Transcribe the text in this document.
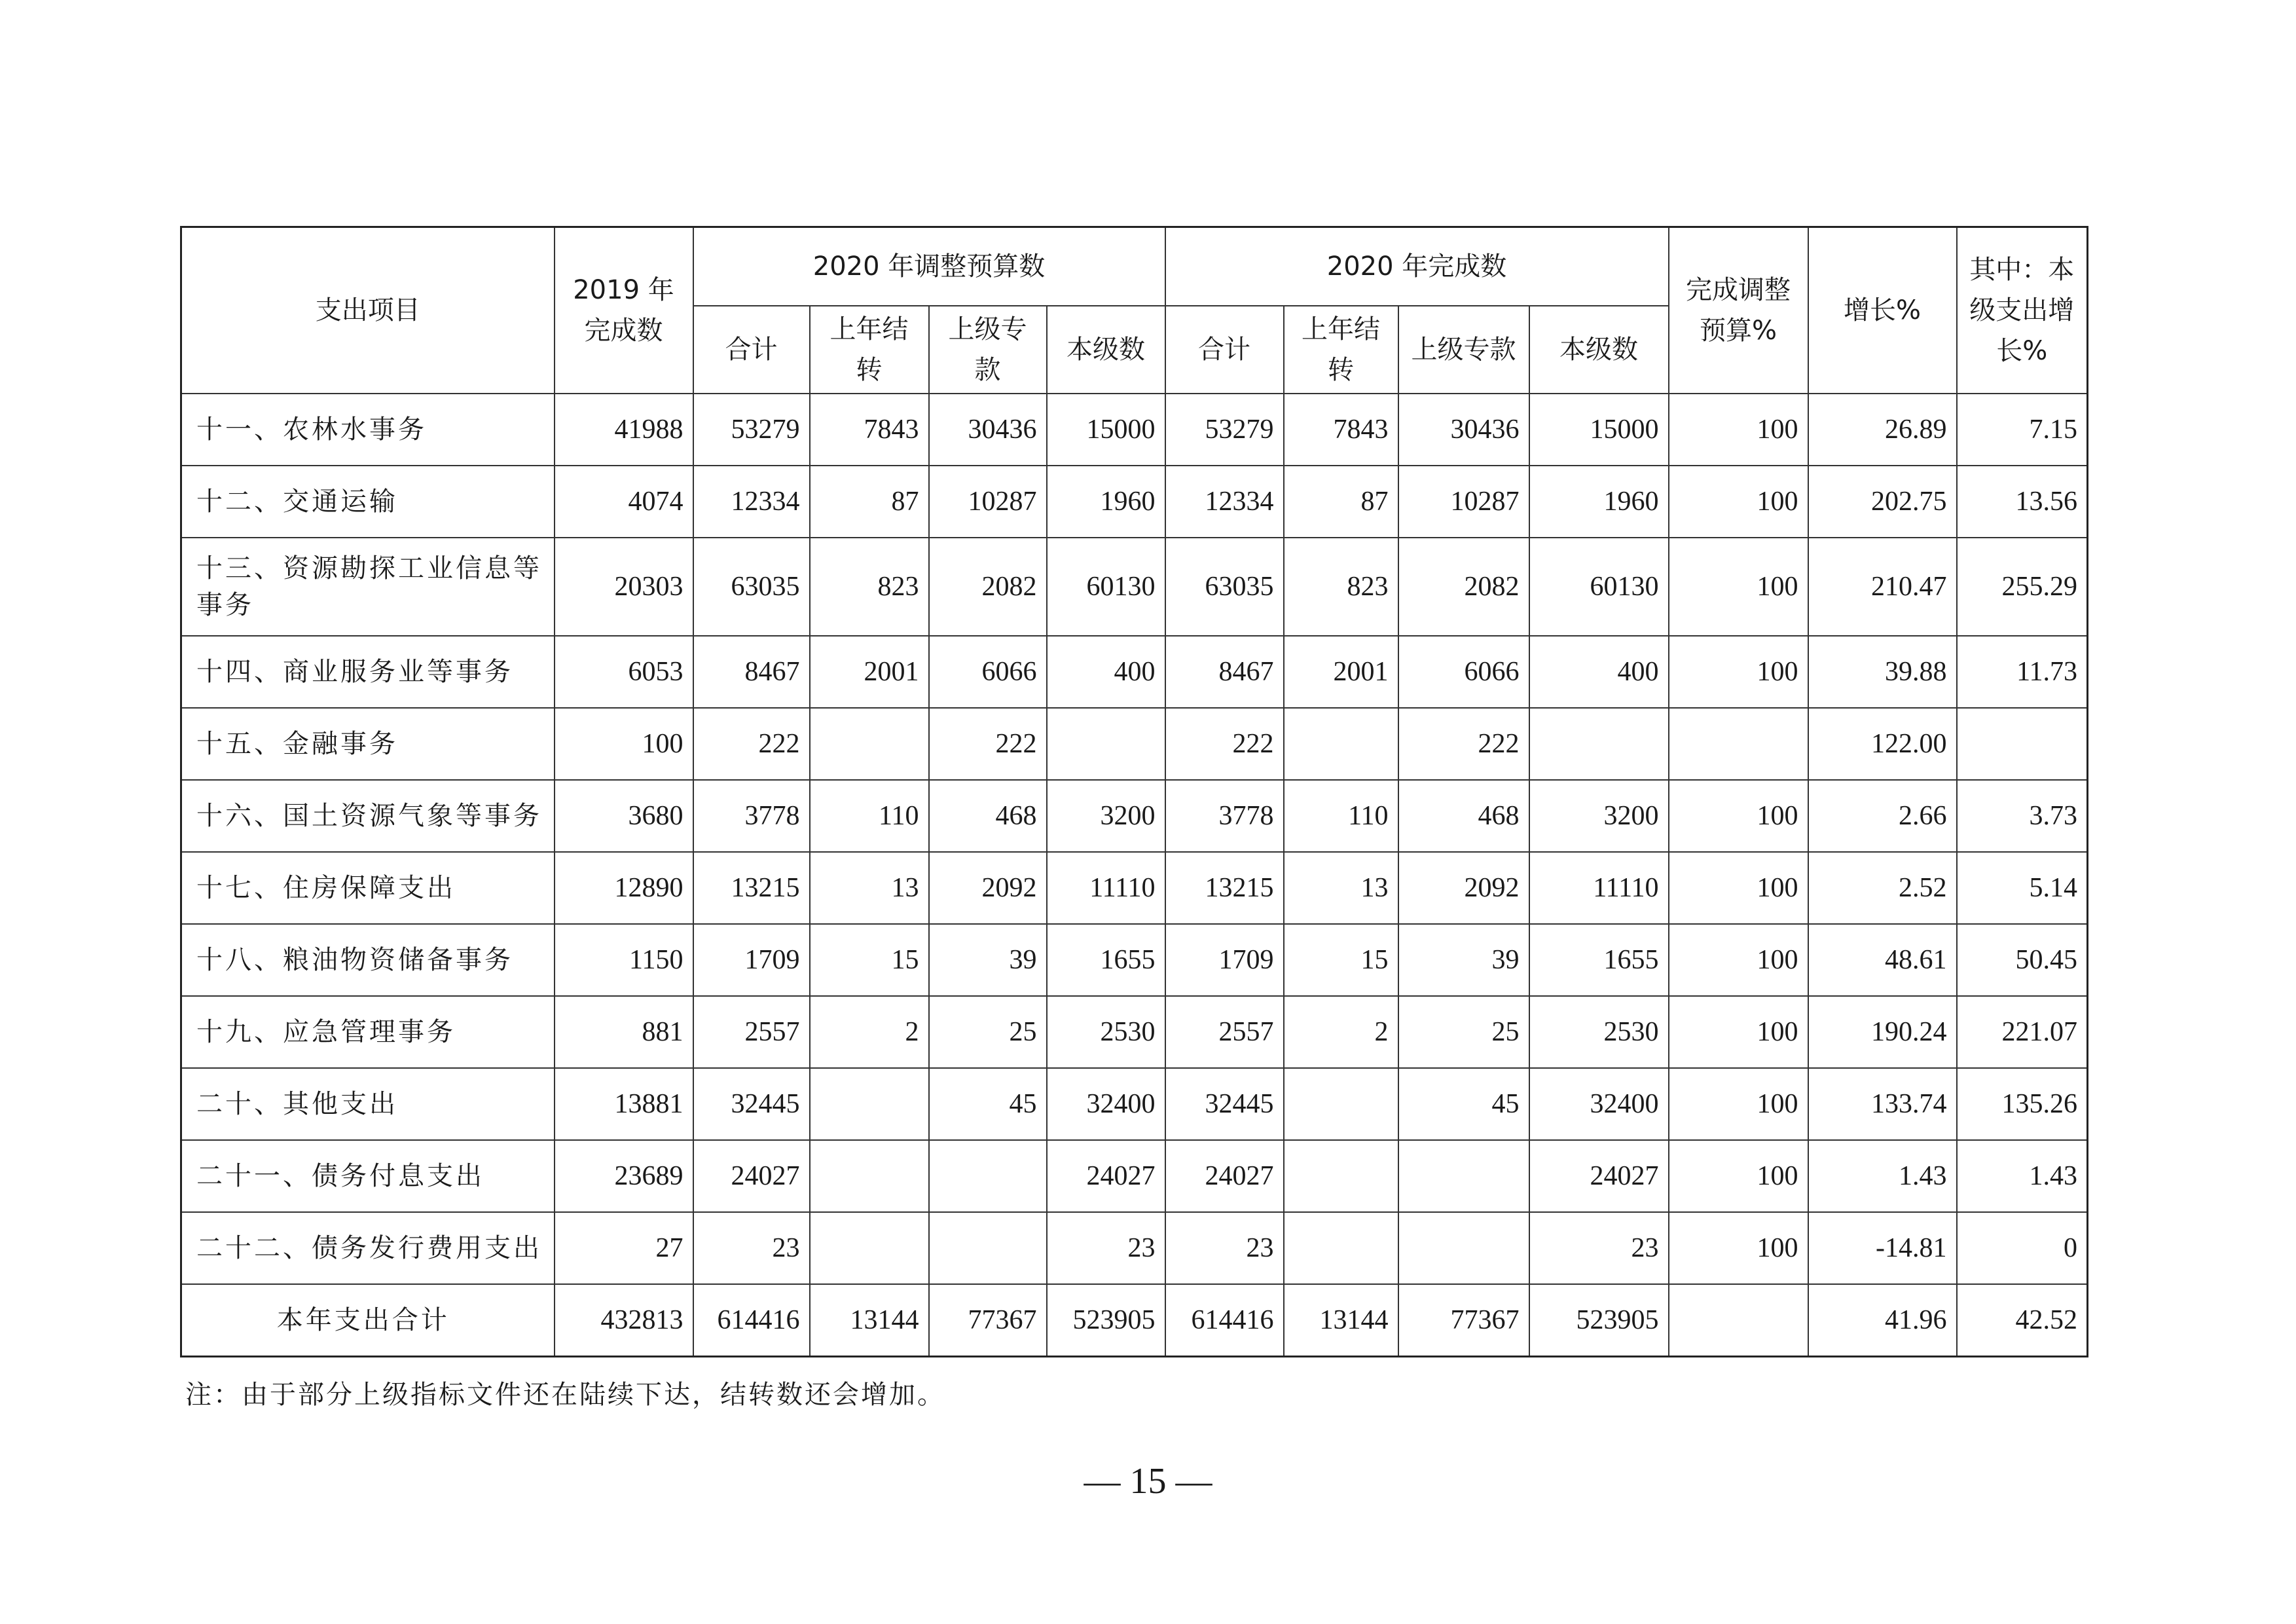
支出项目	2019 年完成数	2020 年调整预算数				2020 年完成数				完成调整预算%	增长%	其中：本级支出增长%
		合计	上年结转	上级专款	本级数	合计	上年结转	上级专款	本级数			
十一、农林水事务	41988	53279	7843	30436	15000	53279	7843	30436	15000	100	26.89	7.15
十二、交通运输	4074	12334	87	10287	1960	12334	87	10287	1960	100	202.75	13.56
十三、资源勘探工业信息等事务	20303	63035	823	2082	60130	63035	823	2082	60130	100	210.47	255.29
十四、商业服务业等事务	6053	8467	2001	6066	400	8467	2001	6066	400	100	39.88	11.73
十五、金融事务	100	222		222		222		222			122.00	
十六、国土资源气象等事务	3680	3778	110	468	3200	3778	110	468	3200	100	2.66	3.73
十七、住房保障支出	12890	13215	13	2092	11110	13215	13	2092	11110	100	2.52	5.14
十八、粮油物资储备事务	1150	1709	15	39	1655	1709	15	39	1655	100	48.61	50.45
十九、应急管理事务	881	2557	2	25	2530	2557	2	25	2530	100	190.24	221.07
二十、其他支出	13881	32445		45	32400	32445		45	32400	100	133.74	135.26
二十一、债务付息支出	23689	24027			24027	24027			24027	100	1.43	1.43
二十二、债务发行费用支出	27	23			23	23			23	100	-14.81	0
本年支出合计	432813	614416	13144	77367	523905	614416	13144	77367	523905		41.96	42.52
注：由于部分上级指标文件还在陆续下达，结转数还会增加。
— 15 —
